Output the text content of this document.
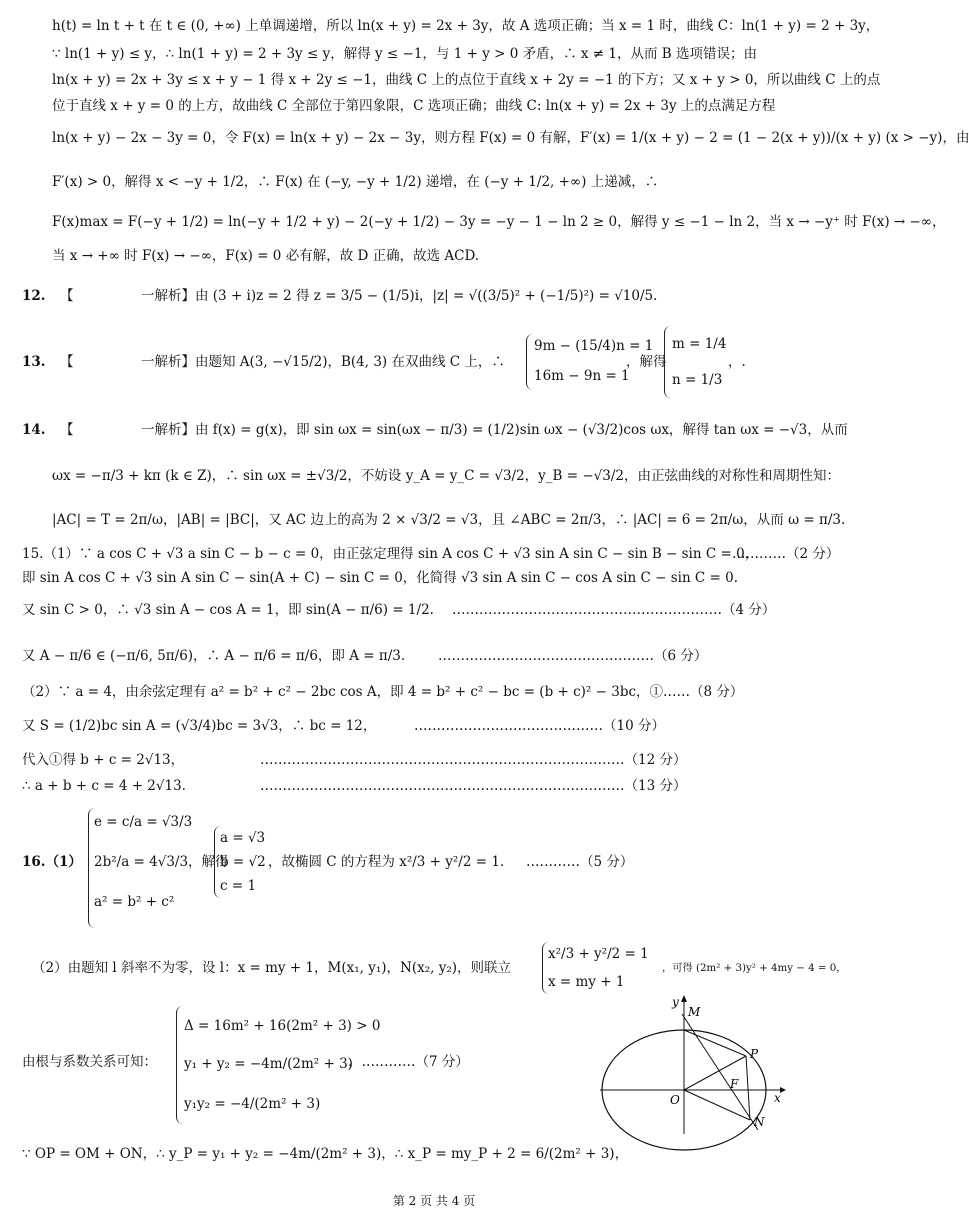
h(t) = ln t + t 在 t ∈ (0, +∞) 上单调递增，所以 ln(x + y) = 2x + 3y，故 A 选项正确；当 x = 1 时，曲线 C：ln(1 + y) = 2 + 3y，
∵ ln(1 + y) ≤ y，∴ ln(1 + y) = 2 + 3y ≤ y，解得 y ≤ −1，与 1 + y > 0 矛盾，∴ x ≠ 1，从而 B 选项错误；由
ln(x + y) = 2x + 3y ≤ x + y − 1 得 x + 2y ≤ −1，曲线 C 上的点位于直线 x + 2y = −1 的下方；又 x + y > 0，所以曲线 C 上的点
位于直线 x + y = 0 的上方，故曲线 C 全部位于第四象限，C 选项正确；曲线 C: ln(x + y) = 2x + 3y 上的点满足方程
ln(x + y) − 2x − 3y = 0，令 F(x) = ln(x + y) − 2x − 3y，则方程 F(x) = 0 有解，F′(x) = 1/(x + y) − 2 = (1 − 2(x + y))/(x + y) (x > −y)，由
F′(x) > 0，解得 x < −y + 1/2，∴ F(x) 在 (−y, −y + 1/2) 递增，在 (−y + 1/2, +∞) 上递减，∴
F(x)max = F(−y + 1/2) = ln(−y + 1/2 + y) − 2(−y + 1/2) − 3y = −y − 1 − ln 2 ≥ 0，解得 y ≤ −1 − ln 2，当 x → −y⁺ 时 F(x) → −∞，
当 x → +∞ 时 F(x) → −∞，F(x) = 0 必有解，故 D 正确，故选 ACD.
12.	【　　　　　一解析】由 (3 + i)z = 2 得 z = 3/5 − (1/5)i，|z| = √((3/5)² + (−1/5)²) = √10/5.
13.	【　　　　　一解析】由题知 A(3, −√15/2)，B(4, 3) 在双曲线 C 上，∴
9m − (15/4)n = 1
16m − 9n = 1
，解得
m = 1/4
n = 1/3
，.
14.	【　　　　　一解析】由 f(x) = g(x)，即 sin ωx = sin(ωx − π/3) = (1/2)sin ωx − (√3/2)cos ωx，解得 tan ωx = −√3，从而
ωx = −π/3 + kπ (k ∈ Z)，∴ sin ωx = ±√3/2，不妨设 y_A = y_C = √3/2，y_B = −√3/2，由正弦曲线的对称性和周期性知：
|AC| = T = 2π/ω，|AB| = |BC|，又 AC 边上的高为 2 × √3/2 = √3，且 ∠ABC = 2π/3，∴ |AC| = 6 = 2π/ω，从而 ω = π/3.
15.（1）∵ a cos C + √3 a sin C − b − c = 0，由正弦定理得 sin A cos C + √3 sin A sin C − sin B − sin C = 0，
…………（2 分）
即 sin A cos C + √3 sin A sin C − sin(A + C) − sin C = 0，化简得 √3 sin A sin C − cos A sin C − sin C = 0.
又 sin C > 0，∴ √3 sin A − cos A = 1，即 sin(A − π/6) = 1/2. ……………………………………………………（4 分）
又 A − π/6 ∈ (−π/6, 5π/6)，∴ A − π/6 = π/6，即 A = π/3. …………………………………………（6 分）
（2）∵ a = 4，由余弦定理有 a² = b² + c² − 2bc cos A，即 4 = b² + c² − bc = (b + c)² − 3bc，①……（8 分）
又 S = (1/2)bc sin A = (√3/4)bc = 3√3，∴ bc = 12，	……………………………………（10 分）
代入①得 b + c = 2√13，	………………………………………………………………………（12 分）
∴ a + b + c = 4 + 2√13.	………………………………………………………………………（13 分）
16.（1）
e = c/a = √3/3
2b²/a = 4√3/3
a² = b² + c²
，解得
a = √3
b = √2
c = 1
，故椭圆 C 的方程为 x²/3 + y²/2 = 1. …………（5 分）
（2）由题知 l 斜率不为零，设 l：x = my + 1，M(x₁, y₁)，N(x₂, y₂)，则联立
x²/3 + y²/2 = 1
x = my + 1
，可得 (2m² + 3)y² + 4my − 4 = 0，
由根与系数关系可知：
Δ = 16m² + 16(2m² + 3) > 0
y₁ + y₂ = −4m/(2m² + 3)
y₁y₂ = −4/(2m² + 3)
，…………（7 分）
∵ OP = OM + ON，∴ y_P = y₁ + y₂ = −4m/(2m² + 3)，∴ x_P = my_P + 2 = 6/(2m² + 3)，
y
M
P
F
O	x
N
第 2 页 共 4 页
